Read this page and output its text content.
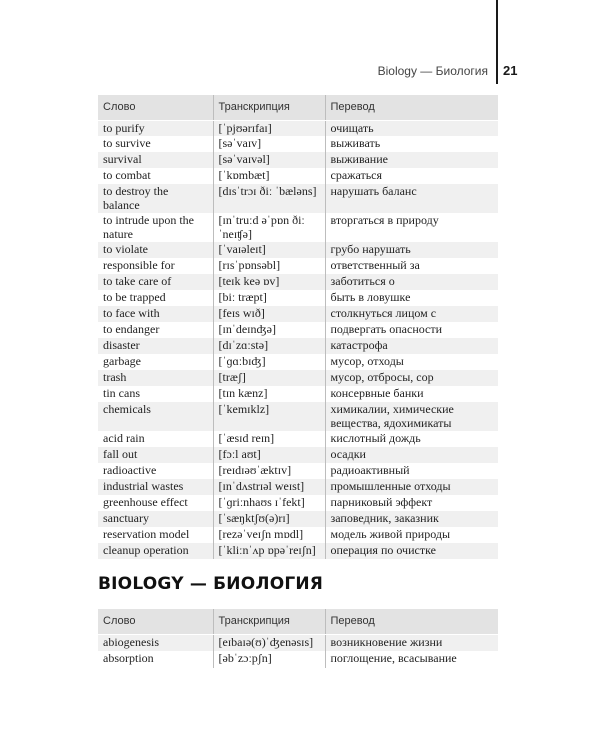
Biology — Биология 21
Слово	Транскрипция	Перевод
to purify	[ˈpjʊərɪfaɪ]	очищать
to survive	[səˈvaɪv]	выживать
survival	[səˈvaɪvəl]	выживание
to combat	[ˈkɒmbæt]	сражаться
to destroy the balance	[dɪsˈtrɔɪ ðiː ˈbæləns]	нарушать баланс
to intrude upon the nature	[ɪnˈtruːd əˈpɒn ðiː ˈneɪʧə]	вторгаться в природу
to violate	[ˈvaɪəleɪt]	грубо нарушать
responsible for	[rɪsˈpɒnsəbl]	ответственный за
to take care of	[teɪk keə ɒv]	заботиться о
to be trapped	[biː træpt]	быть в ловушке
to face with	[feɪs wɪð]	столкнуться лицом с
to endanger	[ɪnˈdeɪnʤə]	подвергать опасности
disaster	[dɪˈzɑːstə]	катастрофа
garbage	[ˈɡɑːbɪʤ]	мусор, отходы
trash	[træʃ]	мусор, отбросы, сор
tin cans	[tɪn kænz]	консервные банки
chemicals	[ˈkemɪklz]	химикалии, химические вещества, ядохимикаты
acid rain	[ˈæsɪd reɪn]	кислотный дождь
fall out	[fɔːl aʊt]	осадки
radioactive	[reɪdɪəʊˈæktɪv]	радиоактивный
industrial wastes	[ɪnˈdʌstrɪəl weɪst]	промышленные отходы
greenhouse effect	[ˈɡriːnhaʊs ɪˈfekt]	парниковый эффект
sanctuary	[ˈsæŋktʃʊ(ə)rɪ]	заповедник, заказник
reservation model	[rezəˈveɪʃn mɒdl]	модель живой природы
cleanup operation	[ˈkliːnˈʌp ɒpəˈreɪʃn]	операция по очистке
BIOLOGY — БИОЛОГИЯ
Слово	Транскрипция	Перевод
abiogenesis	[eɪbaɪə(ʊ)ˈʤenəsɪs]	возникновение жизни
absorption	[əbˈzɔːpʃn]	поглощение, всасывание
